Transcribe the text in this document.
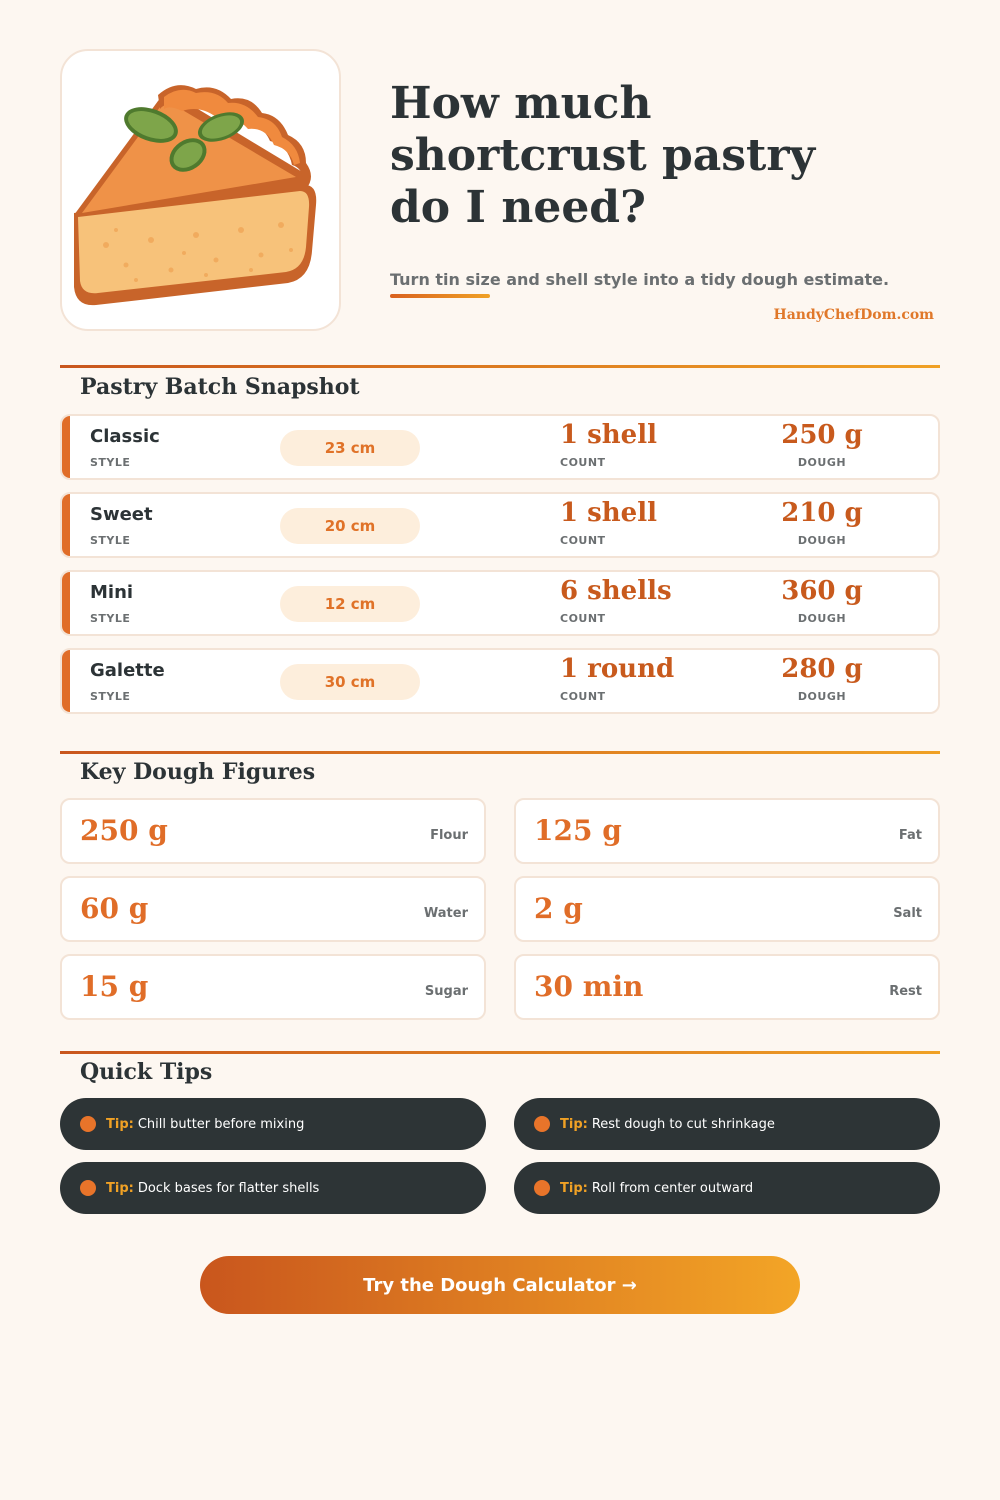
How much shortcrust pastry do I need?
Turn tin size and shell style into a tidy dough estimate.
HandyChefDom.com
Pastry Batch Snapshot
Classic
STYLE
23 cm	1 shell
COUNT
250 g
DOUGH
Sweet
STYLE
20 cm	1 shell
COUNT
210 g
DOUGH
Mini
STYLE
12 cm	6 shells
COUNT
360 g
DOUGH
Galette
STYLE
30 cm	1 round
COUNT
280 g
DOUGH
Key Dough Figures
250 g	Flour 125 g	Fat
60 g	Water 2 g	Salt
15 g	Sugar 30 min	Rest
Quick Tips
Tip: Chill butter before mixing	Tip: Rest dough to cut shrinkage
Tip: Dock bases for flatter shells	Tip: Roll from center outward
Try the Dough Calculator →
